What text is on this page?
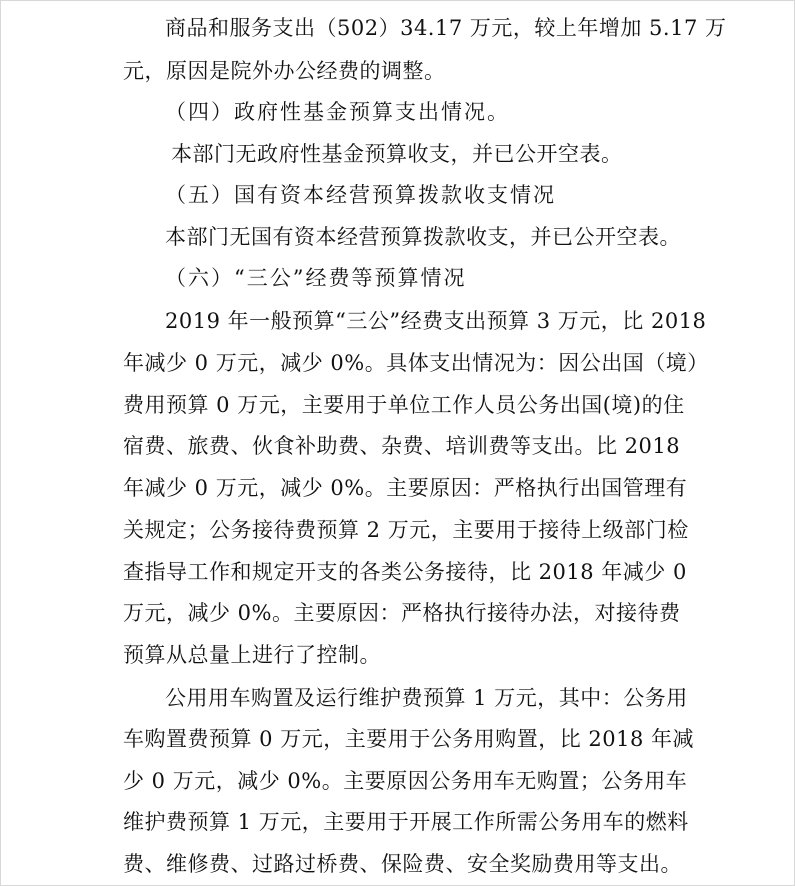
商品和服务支出（502）34.17 万元，较上年增加 5.17 万
元，原因是院外办公经费的调整。
（四）政府性基金预算支出情况。
本部门无政府性基金预算收支，并已公开空表。
（五）国有资本经营预算拨款收支情况
本部门无国有资本经营预算拨款收支，并已公开空表。
（六）“三公”经费等预算情况
2019 年一般预算“三公”经费支出预算 3 万元，比 2018
年减少 0 万元，减少 0%。具体支出情况为：因公出国（境）
费用预算 0 万元，主要用于单位工作人员公务出国(境)的住
宿费、旅费、伙食补助费、杂费、培训费等支出。比 2018
年减少 0 万元，减少 0%。主要原因：严格执行出国管理有
关规定；公务接待费预算 2 万元，主要用于接待上级部门检
查指导工作和规定开支的各类公务接待，比 2018 年减少 0
万元，减少 0%。主要原因：严格执行接待办法，对接待费
预算从总量上进行了控制。
公用用车购置及运行维护费预算 1 万元，其中：公务用
车购置费预算 0 万元，主要用于公务用购置，比 2018 年减
少 0 万元，减少 0%。主要原因公务用车无购置；公务用车
维护费预算 1 万元，主要用于开展工作所需公务用车的燃料
费、维修费、过路过桥费、保险费、安全奖励费用等支出。
